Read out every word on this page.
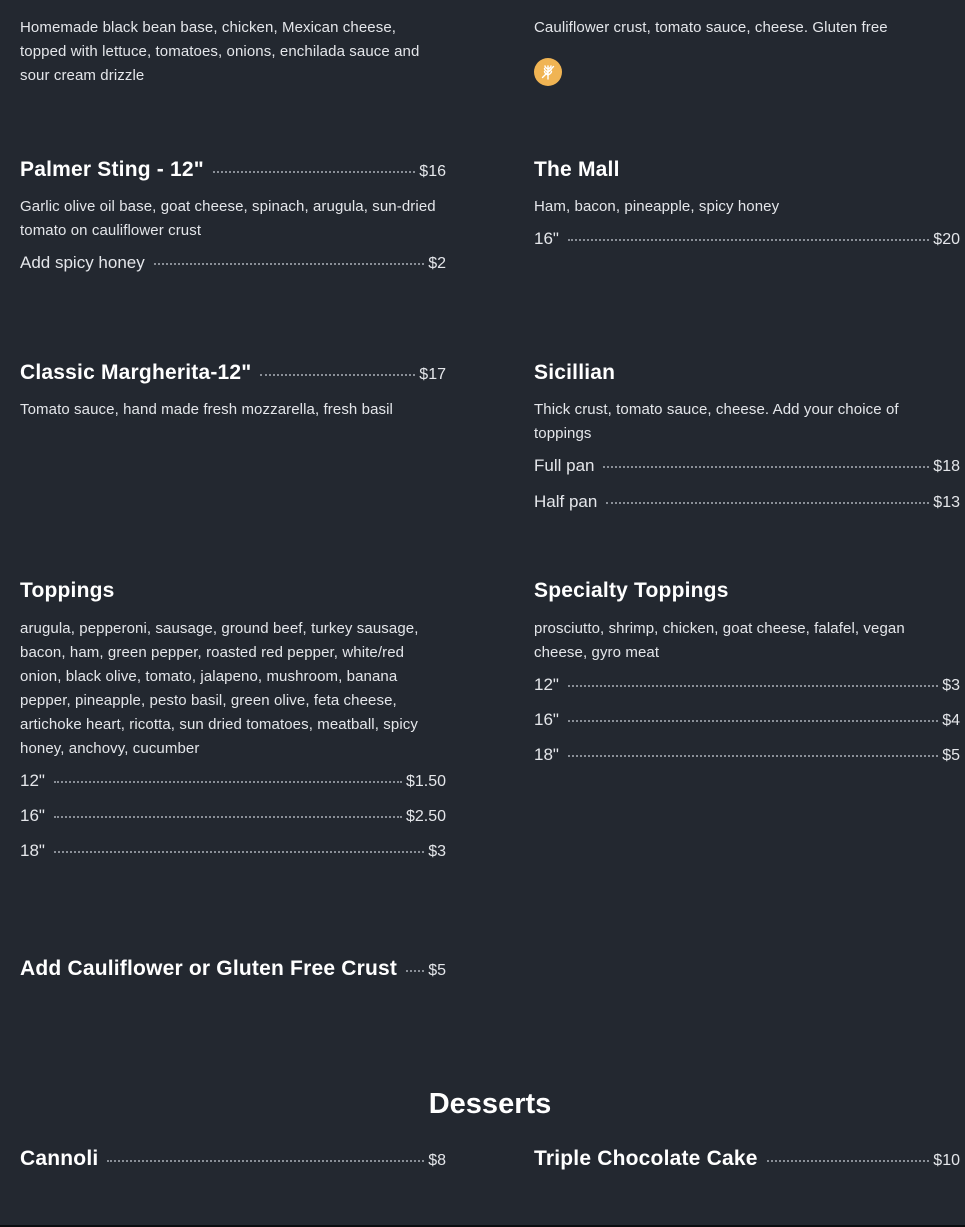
Homemade black bean base, chicken, Mexican cheese, topped with lettuce, tomatoes, onions, enchilada sauce and sour cream drizzle

Cauliflower crust, tomato sauce, cheese. Gluten free

Palmer Sting - 12"	$16

Garlic olive oil base, goat cheese, spinach, arugula, sun-dried tomato on cauliflower crust

Add spicy honey	$2
The Mall

Ham, bacon, pineapple, spicy honey

16"	$20
Classic Margherita-12"	$17

Tomato sauce, hand made fresh mozzarella, fresh basil

Sicillian

Thick crust, tomato sauce, cheese. Add your choice of toppings

Full pan	$18
Half pan	$13
Toppings

arugula, pepperoni, sausage, ground beef, turkey sausage, bacon, ham, green pepper, roasted red pepper, white/red onion, black olive, tomato, jalapeno, mushroom, banana pepper, pineapple, pesto basil, green olive, feta cheese, artichoke heart, ricotta, sun dried tomatoes, meatball, spicy honey, anchovy, cucumber

12"	$1.50
16"	$2.50
18"	$3
Specialty Toppings

prosciutto, shrimp, chicken, goat cheese, falafel, vegan cheese, gyro meat

12"	$3
16"	$4
18"	$5
Add Cauliflower or Gluten Free Crust $5
Desserts
Cannoli	$8	Triple Chocolate Cake	$10
